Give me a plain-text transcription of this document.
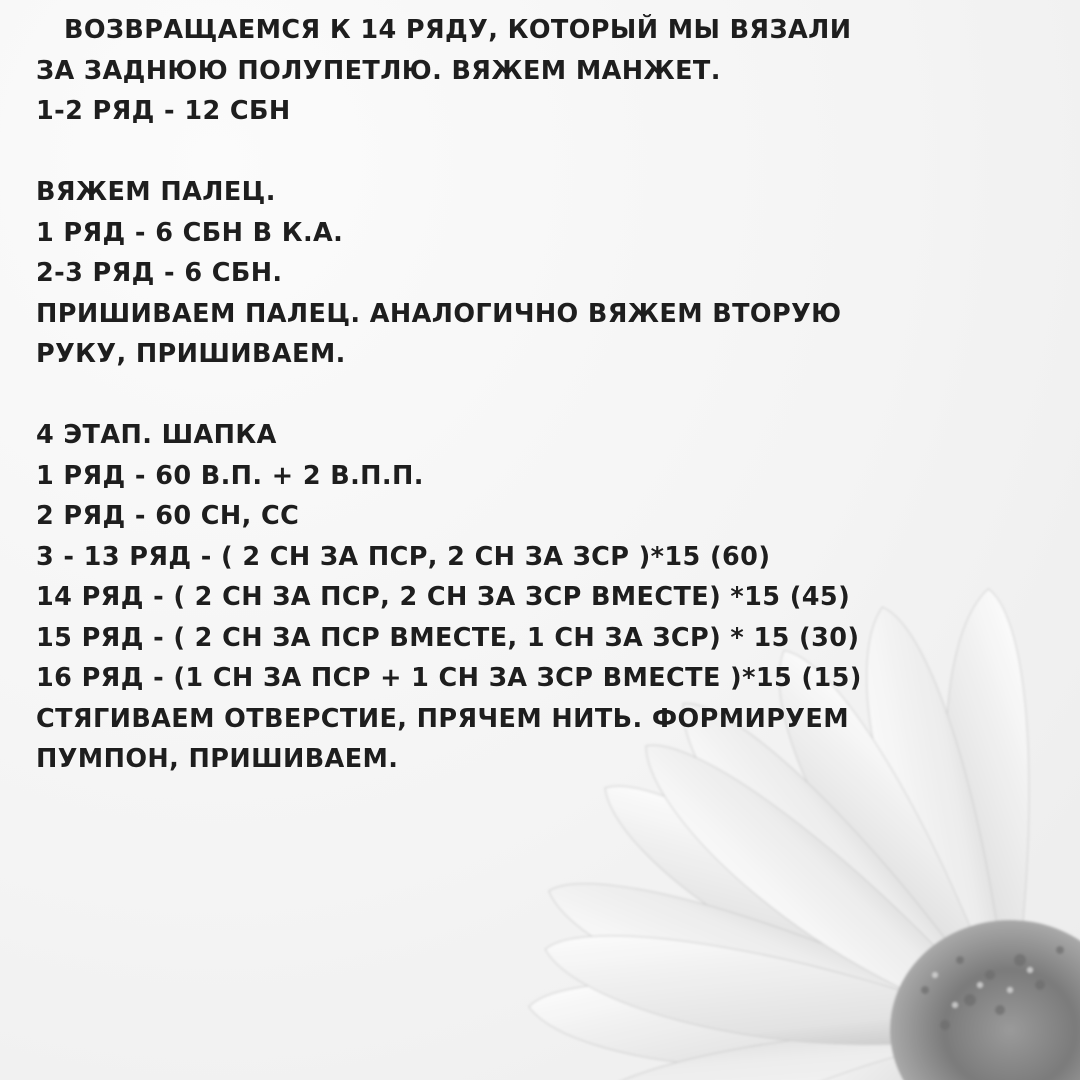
ВОЗВРАЩАЕМСЯ К 14 РЯДУ, КОТОРЫЙ МЫ ВЯЗАЛИ
ЗА ЗАДНЮЮ ПОЛУПЕТЛЮ. ВЯЖЕМ МАНЖЕТ.
1-2 РЯД - 12 СБН
ВЯЖЕМ ПАЛЕЦ.
1 РЯД - 6 СБН В К.А.
2-3 РЯД - 6 СБН.
ПРИШИВАЕМ ПАЛЕЦ. АНАЛОГИЧНО ВЯЖЕМ ВТОРУЮ
РУКУ, ПРИШИВАЕМ.
4 ЭТАП. ШАПКА
1 РЯД - 60 В.П. + 2 В.П.П.
2 РЯД - 60 СН, СС
3 - 13 РЯД - ( 2 СН ЗА ПСР, 2 СН ЗА ЗСР )*15 (60)
14 РЯД - ( 2 СН ЗА ПСР, 2 СН ЗА ЗСР ВМЕСТЕ) *15 (45)
15 РЯД - ( 2 СН ЗА ПСР ВМЕСТЕ, 1 СН ЗА ЗСР) * 15 (30)
16 РЯД - (1 СН ЗА ПСР + 1 СН ЗА ЗСР ВМЕСТЕ )*15 (15)
СТЯГИВАЕМ ОТВЕРСТИЕ, ПРЯЧЕМ НИТЬ. ФОРМИРУЕМ
ПУМПОН, ПРИШИВАЕМ.
